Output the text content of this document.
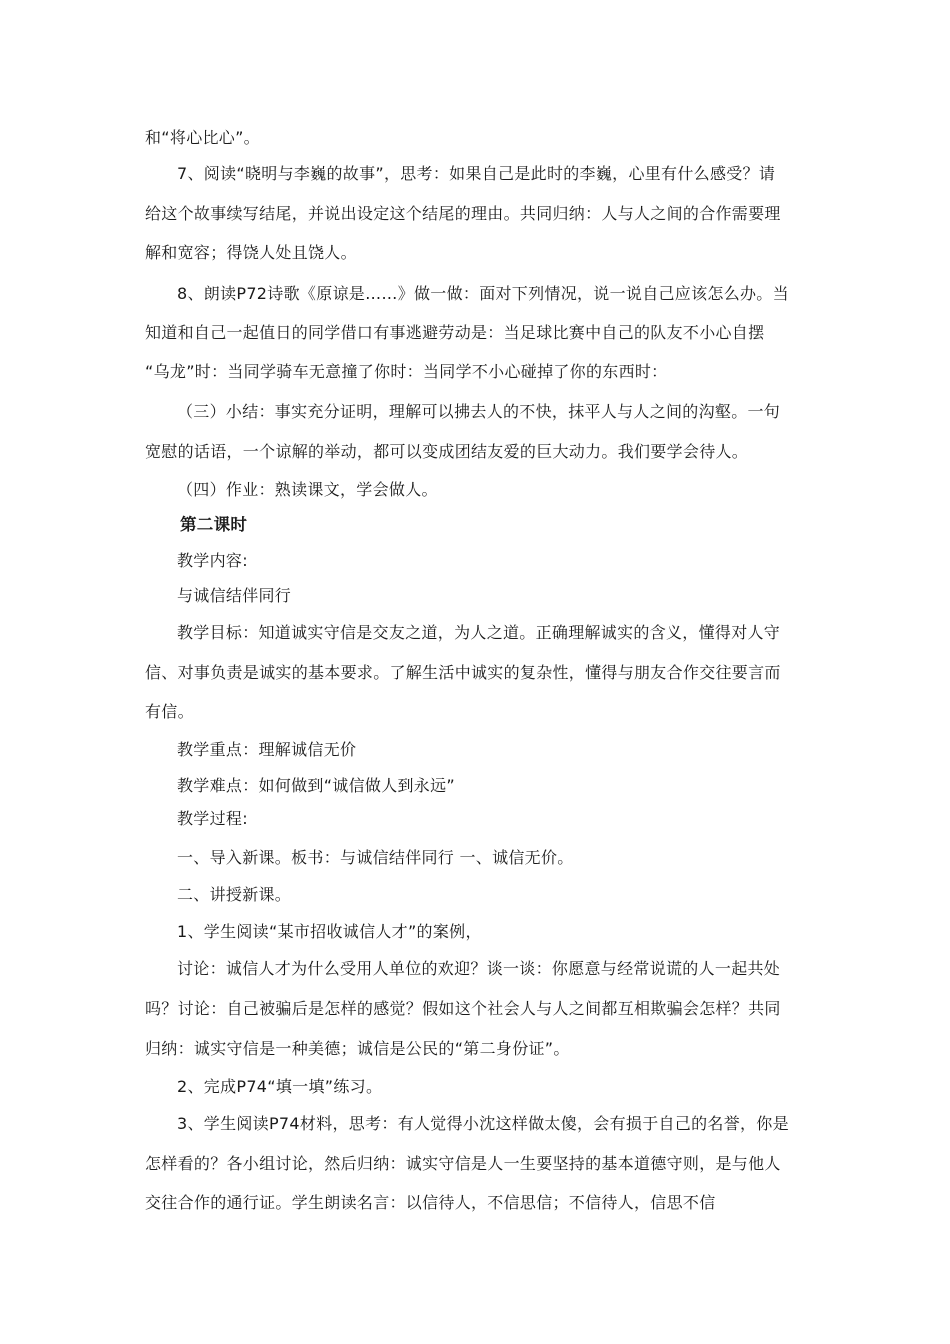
和“将心比心”。
7、阅读“晓明与李巍的故事”，思考：如果自己是此时的李巍，心里有什么感受？请
给这个故事续写结尾，并说出设定这个结尾的理由。共同归纳：人与人之间的合作需要理
解和宽容；得饶人处且饶人。
8、朗读P72诗歌《原谅是……》做一做：面对下列情况，说一说自己应该怎么办。当
知道和自己一起值日的同学借口有事逃避劳动是：当足球比赛中自己的队友不小心自摆
“乌龙”时：当同学骑车无意撞了你时：当同学不小心碰掉了你的东西时：
（三）小结：事实充分证明，理解可以拂去人的不快，抹平人与人之间的沟壑。一句
宽慰的话语，一个谅解的举动，都可以变成团结友爱的巨大动力。我们要学会待人。
（四）作业：熟读课文，学会做人。
第二课时
教学内容:
与诚信结伴同行
教学目标：知道诚实守信是交友之道，为人之道。正确理解诚实的含义，懂得对人守
信、对事负责是诚实的基本要求。了解生活中诚实的复杂性，懂得与朋友合作交往要言而
有信。
教学重点：理解诚信无价
教学难点：如何做到“诚信做人到永远”
教学过程:
一、导入新课。板书：与诚信结伴同行 一、诚信无价。
二、讲授新课。
1、学生阅读“某市招收诚信人才”的案例，
讨论：诚信人才为什么受用人单位的欢迎？谈一谈：你愿意与经常说谎的人一起共处
吗？讨论：自己被骗后是怎样的感觉？假如这个社会人与人之间都互相欺骗会怎样？共同
归纳：诚实守信是一种美德；诚信是公民的“第二身份证”。
2、完成P74“填一填”练习。
3、学生阅读P74材料，思考：有人觉得小沈这样做太傻，会有损于自己的名誉，你是
怎样看的？各小组讨论，然后归纳：诚实守信是人一生要坚持的基本道德守则，是与他人
交往合作的通行证。学生朗读名言：以信待人，不信思信；不信待人，信思不信
